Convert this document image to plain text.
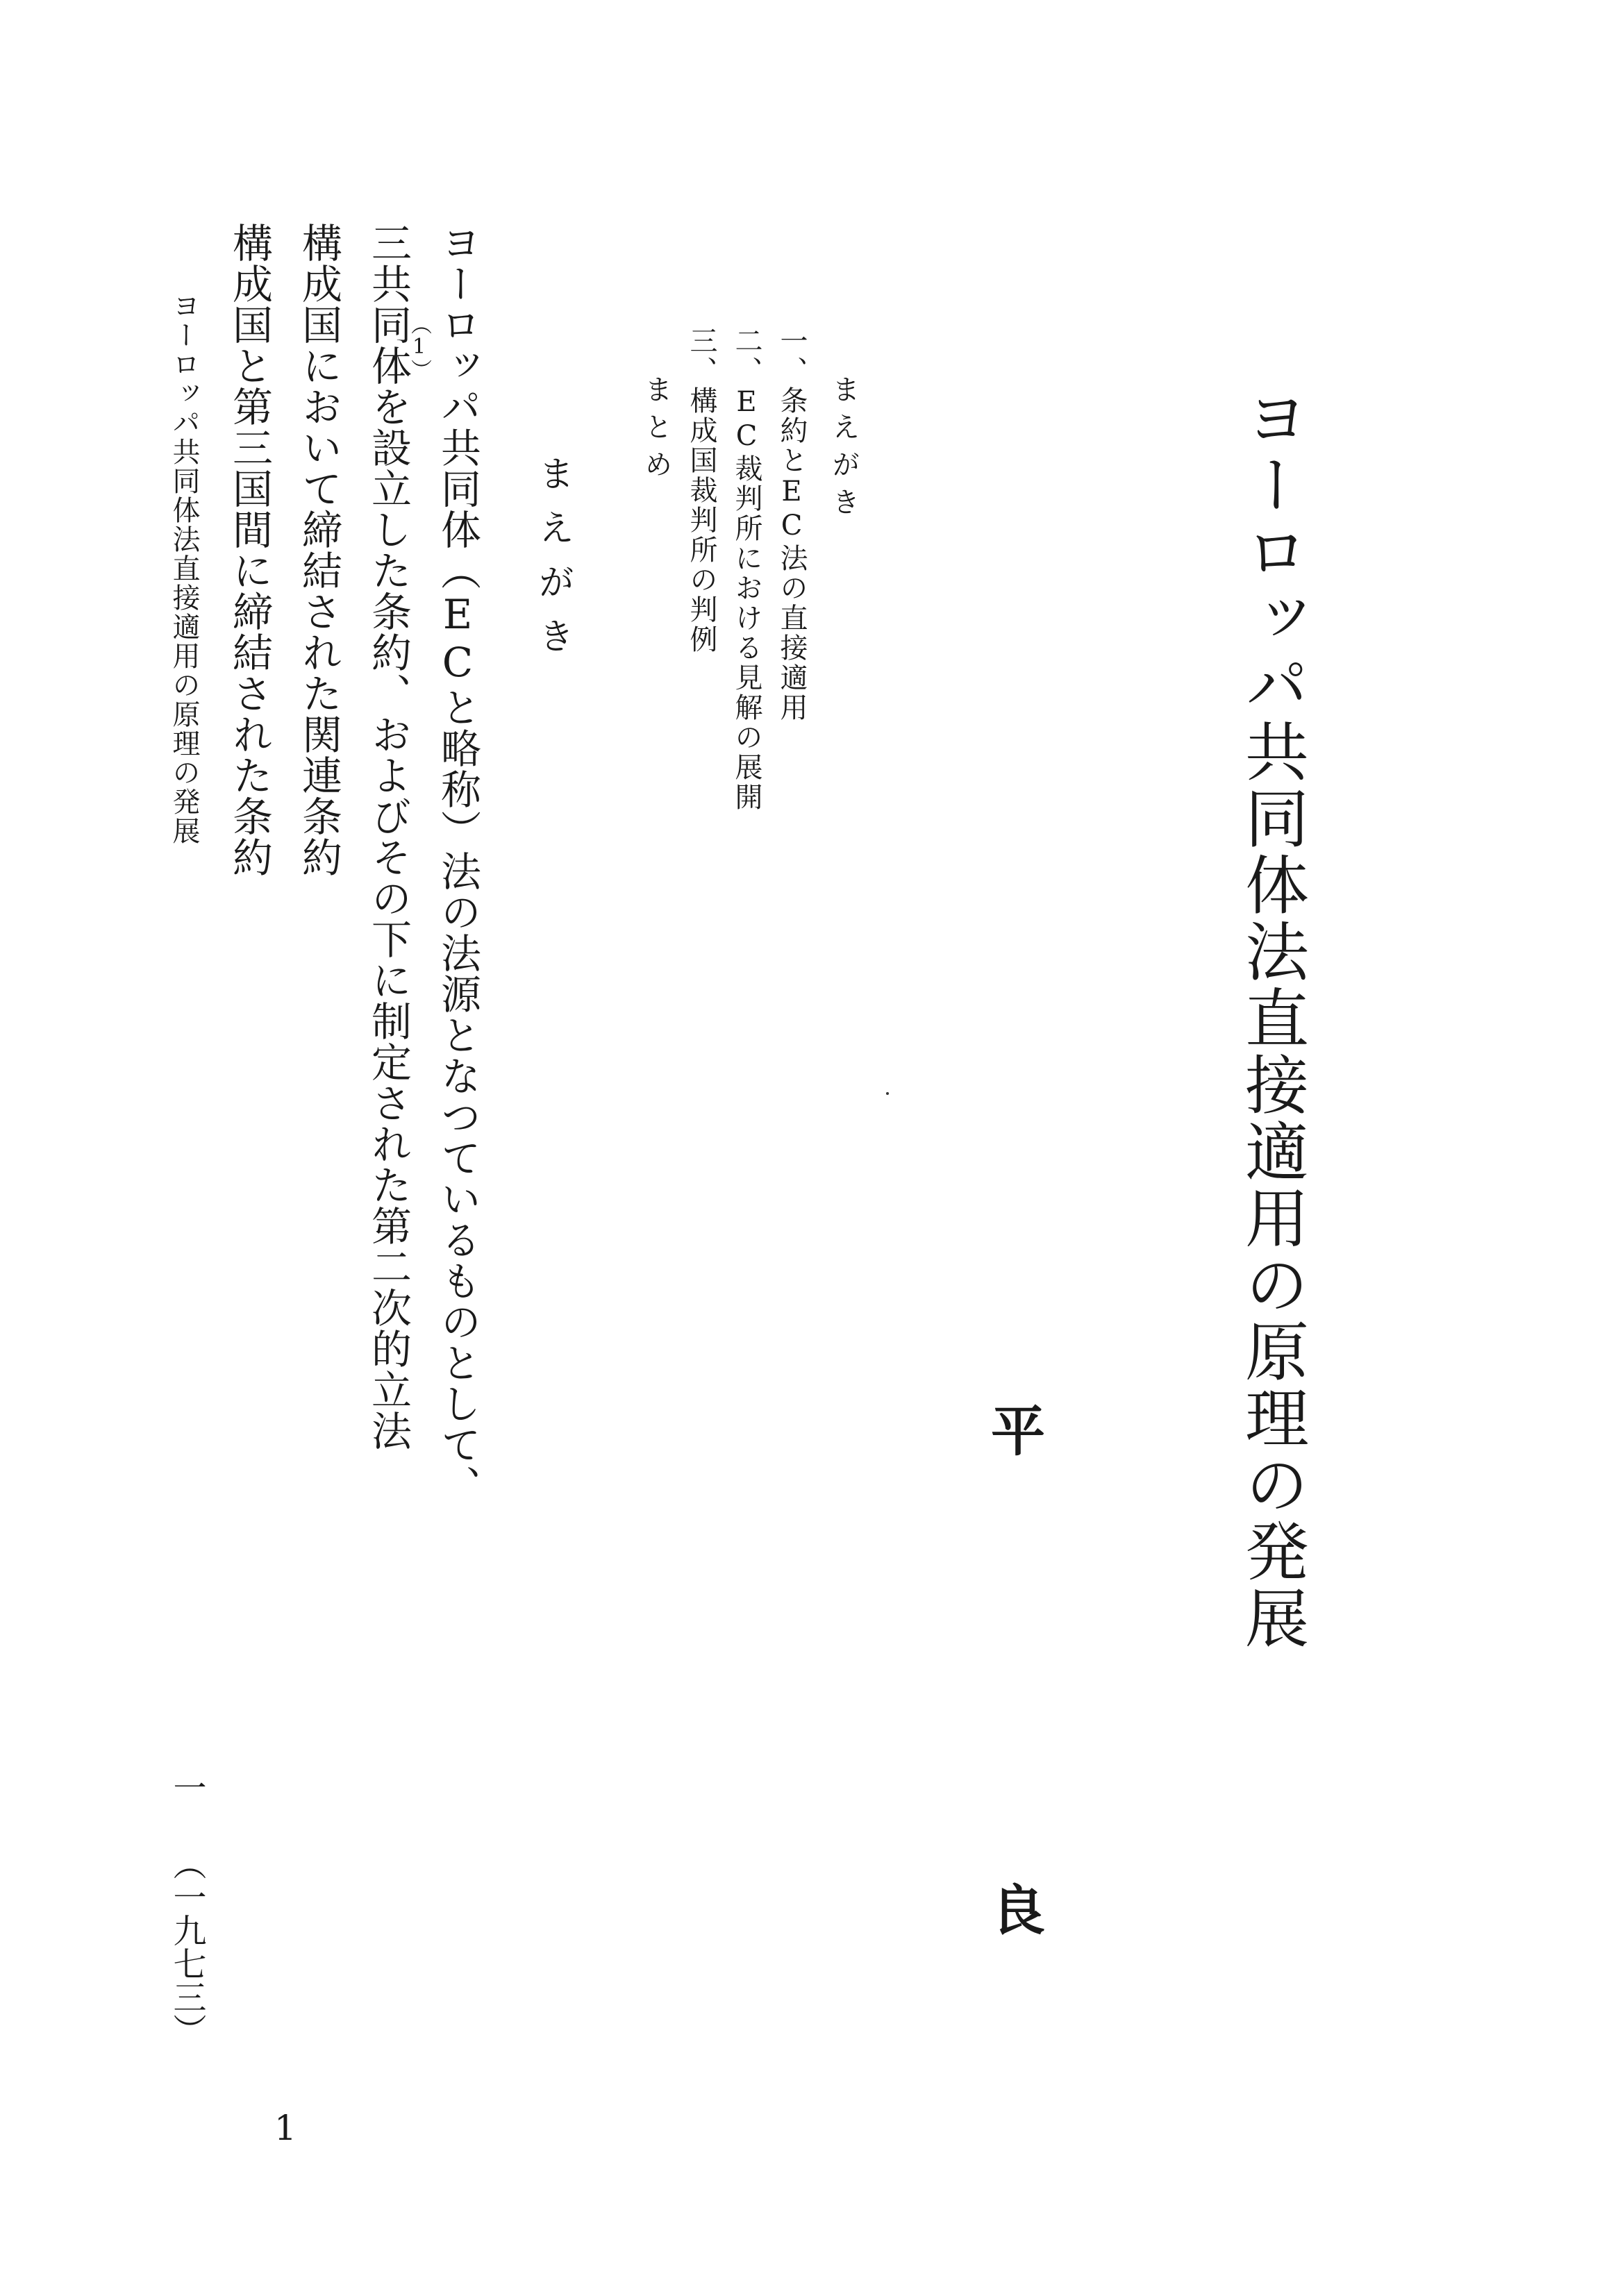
ヨーロッパ共同体法直接適用の原理の発展
平
良
まえがき
一、条約とEC法の直接適用
二、EC裁判所における見解の展開
三、構成国裁判所の判例
まとめ
まえがき
ヨーロッパ共同体（ECと略称）法の法源となつているものとして、
（1）
三共同体を設立した条約、およびその下に制定された第二次的立法
構成国において締結された関連条約
構成国と第三国間に締結された条約
ヨーロッパ共同体法直接適用の原理の発展
一
（一九七三）
1
